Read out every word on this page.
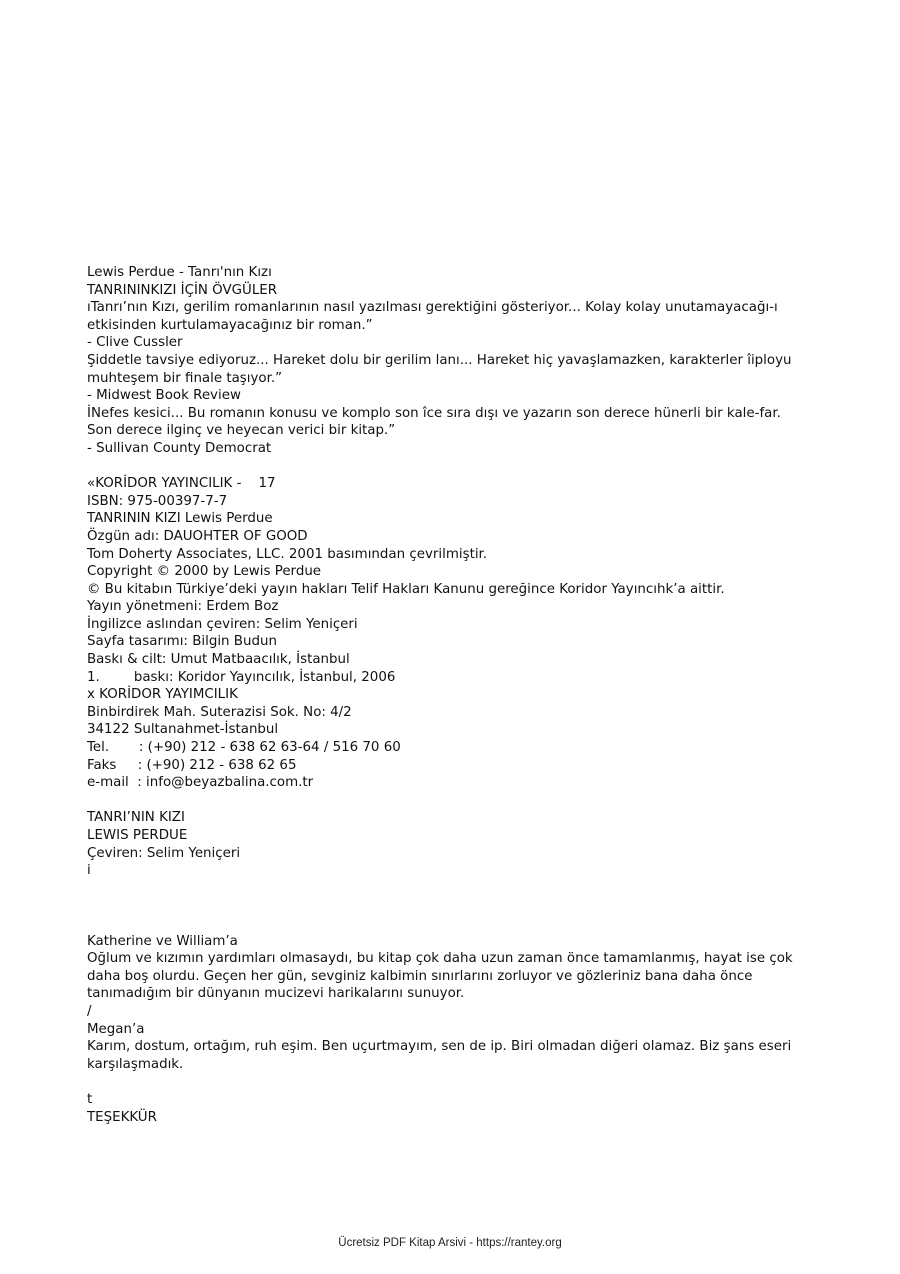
Lewis Perdue - Tanrı'nın Kızı
TANRININKIZI İÇİN ÖVGÜLER
ıTanrı’nın Kızı, gerilim romanlarının nasıl yazılması gerektiğini gösteriyor... Kolay kolay unutamayacağı-ı
etkisinden kurtulamayacağınız bir roman.”
- Clive Cussler
Şiddetle tavsiye ediyoruz... Hareket dolu bir gerilim lanı... Hareket hiç yavaşlamazken, karakterler îiployu
muhteşem bir finale taşıyor.”
- Midwest Book Review
İNefes kesici... Bu romanın konusu ve komplo son îce sıra dışı ve yazarın son derece hünerli bir kale-far.
Son derece ilginç ve heyecan verici bir kitap.”
- Sullivan County Democrat
«KORİDOR YAYINCILIK -    17
ISBN: 975-00397-7-7
TANRININ KIZI Lewis Perdue
Özgün adı: DAUOHTER OF GOOD
Tom Doherty Associates, LLC. 2001 basımından çevrilmiştir.
Copyright © 2000 by Lewis Perdue
© Bu kitabın Türkiye’deki yayın hakları Telif Hakları Kanunu gereğince Koridor Yayıncıhk’a aittir.
Yayın yönetmeni: Erdem Boz
İngilizce aslından çeviren: Selim Yeniçeri
Sayfa tasarımı: Bilgin Budun
Baskı & cilt: Umut Matbaacılık, İstanbul
1.        baskı: Koridor Yayıncılık, İstanbul, 2006
x KORİDOR YAYIMCILIK
Binbirdirek Mah. Suterazisi Sok. No: 4/2
34122 Sultanahmet-İstanbul
Tel.       : (+90) 212 - 638 62 63-64 / 516 70 60
Faks     : (+90) 212 - 638 62 65
e-mail  : info@beyazbalina.com.tr
TANRI’NIN KIZI
LEWIS PERDUE
Çeviren: Selim Yeniçeri
i
Katherine ve William’a
Oğlum ve kızımın yardımları olmasaydı, bu kitap çok daha uzun zaman önce tamamlanmış, hayat ise çok
daha boş olurdu. Geçen her gün, sevginiz kalbimin sınırlarını zorluyor ve gözleriniz bana daha önce
tanımadığım bir dünyanın mucizevi harikalarını sunuyor.
/
Megan’a
Karım, dostum, ortağım, ruh eşim. Ben uçurtmayım, sen de ip. Biri olmadan diğeri olamaz. Biz şans eseri
karşılaşmadık.
t
TEŞEKKÜR
Ücretsiz PDF Kitap Arsivi - https://rantey.org
